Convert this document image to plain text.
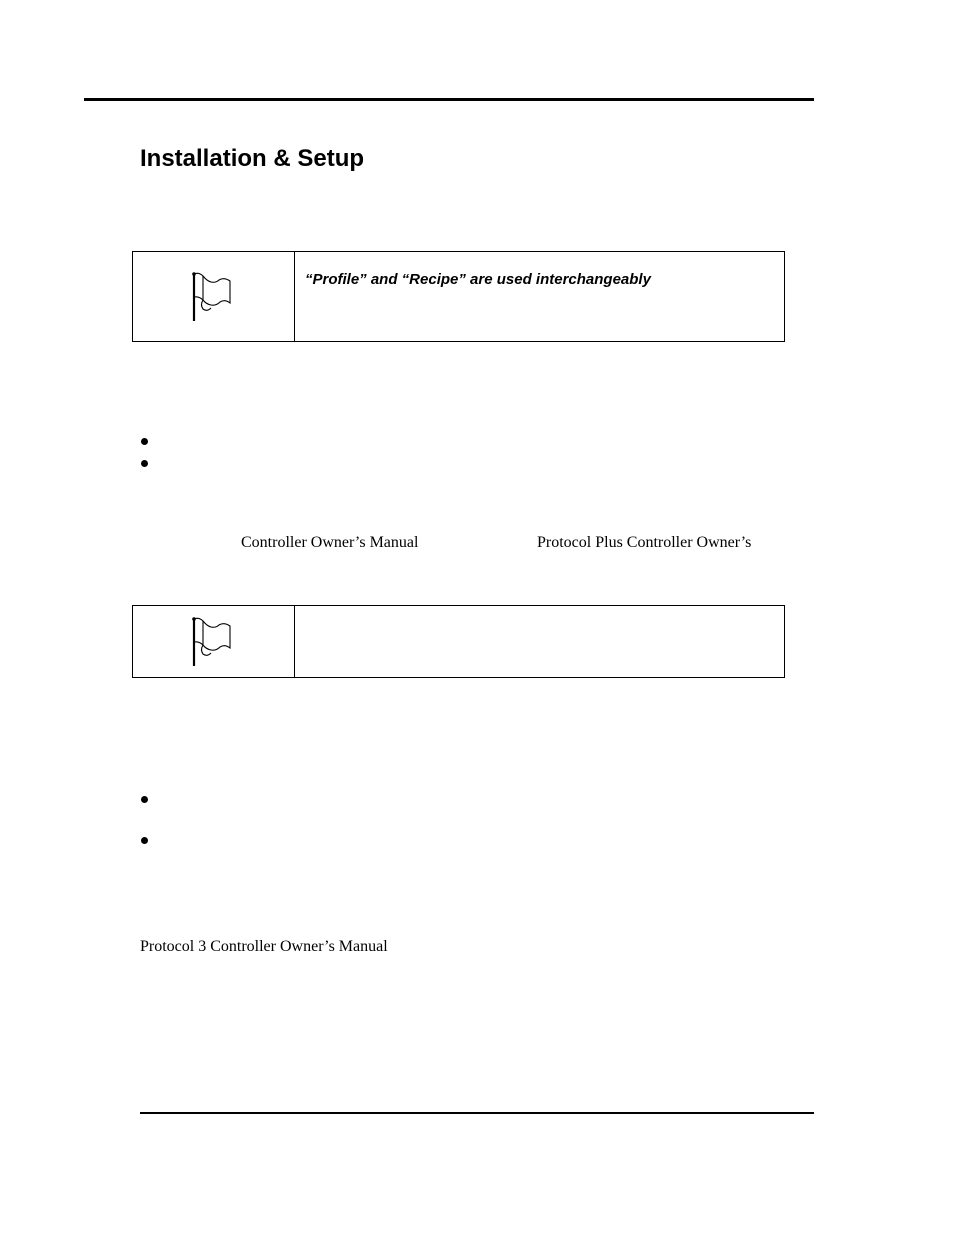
Installation & Setup
“Profile” and “Recipe” are used interchangeably
Controller Owner’s Manual	Protocol Plus Controller Owner’s
Protocol 3 Controller Owner’s Manual
